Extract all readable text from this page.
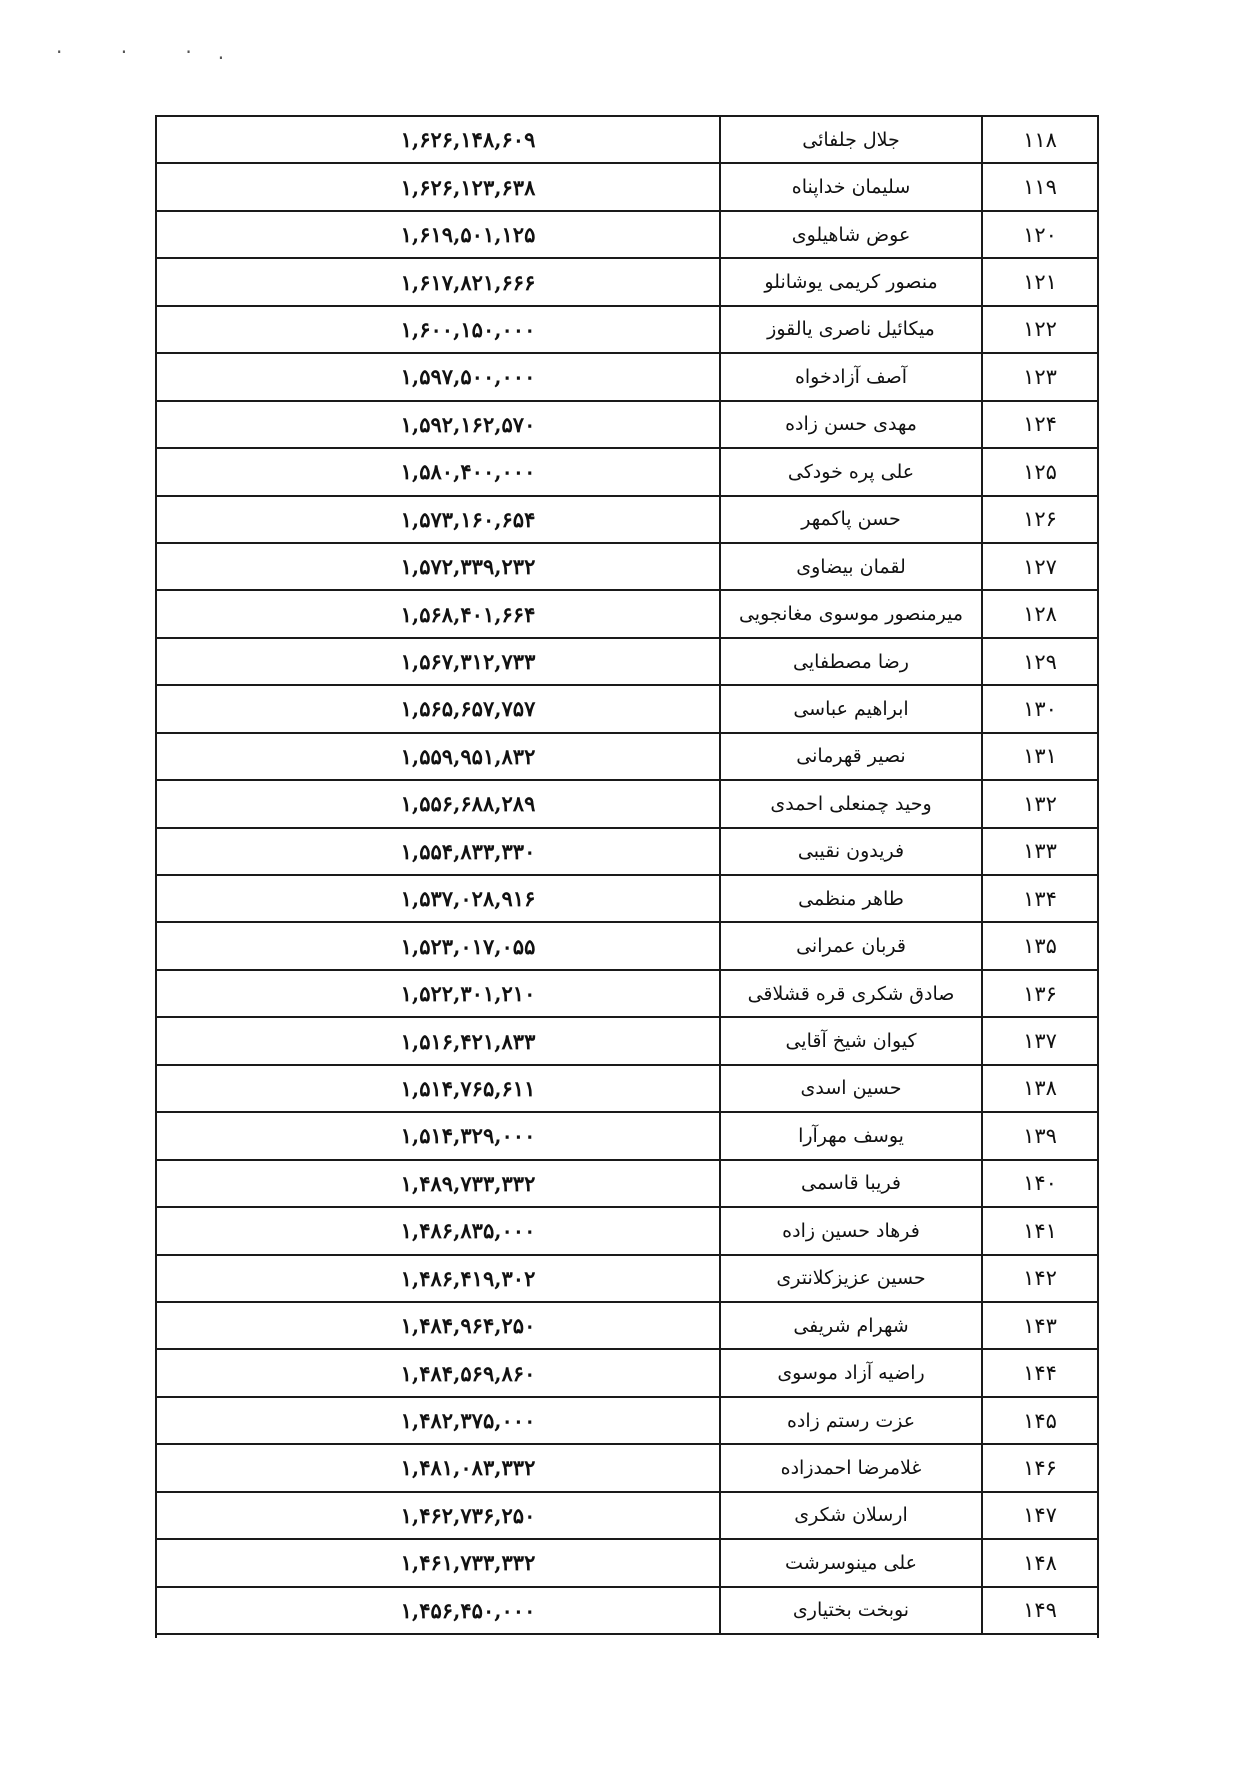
· · ·.
۱۱۸
جلال جلفائی
۱,۶۲۶,۱۴۸,۶۰۹
۱۱۹
سلیمان خداپناه
۱,۶۲۶,۱۲۳,۶۳۸
۱۲۰
عوض شاهیلوی
۱,۶۱۹,۵۰۱,۱۲۵
۱۲۱
منصور کریمی یوشانلو
۱,۶۱۷,۸۲۱,۶۶۶
۱۲۲
میکائیل ناصری یالقوز
۱,۶۰۰,۱۵۰,۰۰۰
۱۲۳
آصف آزادخواه
۱,۵۹۷,۵۰۰,۰۰۰
۱۲۴
مهدی حسن زاده
۱,۵۹۲,۱۶۲,۵۷۰
۱۲۵
علی پره خودکی
۱,۵۸۰,۴۰۰,۰۰۰
۱۲۶
حسن پاکمهر
۱,۵۷۳,۱۶۰,۶۵۴
۱۲۷
لقمان بیضاوی
۱,۵۷۲,۳۳۹,۲۳۲
۱۲۸
میرمنصور موسوی مغانجویی
۱,۵۶۸,۴۰۱,۶۶۴
۱۲۹
رضا مصطفایی
۱,۵۶۷,۳۱۲,۷۳۳
۱۳۰
ابراهیم عباسی
۱,۵۶۵,۶۵۷,۷۵۷
۱۳۱
نصیر قهرمانی
۱,۵۵۹,۹۵۱,۸۳۲
۱۳۲
وحید چمنعلی احمدی
۱,۵۵۶,۶۸۸,۲۸۹
۱۳۳
فریدون نقیبی
۱,۵۵۴,۸۳۳,۳۳۰
۱۳۴
طاهر منظمی
۱,۵۳۷,۰۲۸,۹۱۶
۱۳۵
قربان عمرانی
۱,۵۲۳,۰۱۷,۰۵۵
۱۳۶
صادق شکری قره قشلاقی
۱,۵۲۲,۳۰۱,۲۱۰
۱۳۷
کیوان شیخ آقایی
۱,۵۱۶,۴۲۱,۸۳۳
۱۳۸
حسین اسدی
۱,۵۱۴,۷۶۵,۶۱۱
۱۳۹
یوسف مهرآرا
۱,۵۱۴,۳۲۹,۰۰۰
۱۴۰
فریبا قاسمی
۱,۴۸۹,۷۳۳,۳۳۲
۱۴۱
فرهاد حسین زاده
۱,۴۸۶,۸۳۵,۰۰۰
۱۴۲
حسین عزیزکلانتری
۱,۴۸۶,۴۱۹,۳۰۲
۱۴۳
شهرام شریفی
۱,۴۸۴,۹۶۴,۲۵۰
۱۴۴
راضیه آزاد موسوی
۱,۴۸۴,۵۶۹,۸۶۰
۱۴۵
عزت رستم زاده
۱,۴۸۲,۳۷۵,۰۰۰
۱۴۶
غلامرضا احمدزاده
۱,۴۸۱,۰۸۳,۳۳۲
۱۴۷
ارسلان شکری
۱,۴۶۲,۷۳۶,۲۵۰
۱۴۸
علی مینوسرشت
۱,۴۶۱,۷۳۳,۳۳۲
۱۴۹
نوبخت بختیاری
۱,۴۵۶,۴۵۰,۰۰۰
